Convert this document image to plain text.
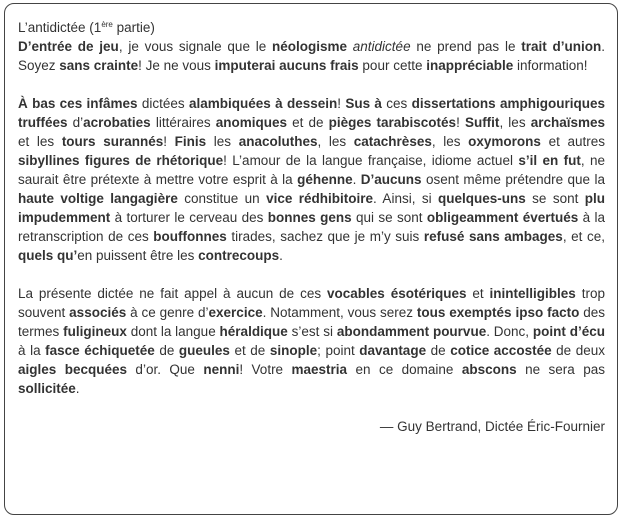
L’antidictée (1ère partie)

D’entrée de jeu, je vous signale que le néologisme antidictée ne prend pas le trait d’union. Soyez sans crainte! Je ne vous imputerai aucuns frais pour cette inappréciable information!

À bas ces infâmes dictées alambiquées à dessein! Sus à ces dissertations amphigouriques truffées d’acrobaties littéraires anomiques et de pièges tarabiscotés! Suffit, les archaïsmes et les tours surannés! Finis les anacoluthes, les catachrèses, les oxymorons et autres sibyllines figures de rhétorique! L’amour de la langue française, idiome actuel s’il en fut, ne saurait être prétexte à mettre votre esprit à la géhenne. D’aucuns osent même prétendre que la haute voltige langagière constitue un vice rédhibitoire. Ainsi, si quelques-uns se sont plu impudemment à torturer le cerveau des bonnes gens qui se sont obligeamment évertués à la retranscription de ces bouffonnes tirades, sachez que je m’y suis refusé sans ambages, et ce, quels qu’en puissent être les contrecoups.

La présente dictée ne fait appel à aucun de ces vocables ésotériques et inintelligibles trop souvent associés à ce genre d’exercice. Notamment, vous serez tous exemptés ipso facto des termes fuligineux dont la langue héraldique s’est si abondamment pourvue. Donc, point d’écu à la fasce échiquetée de gueules et de sinople; point davantage de cotice accostée de deux aigles becquées d’or. Que nenni! Votre maestria en ce domaine abscons ne sera pas sollicitée.

— Guy Bertrand, Dictée Éric-Fournier
